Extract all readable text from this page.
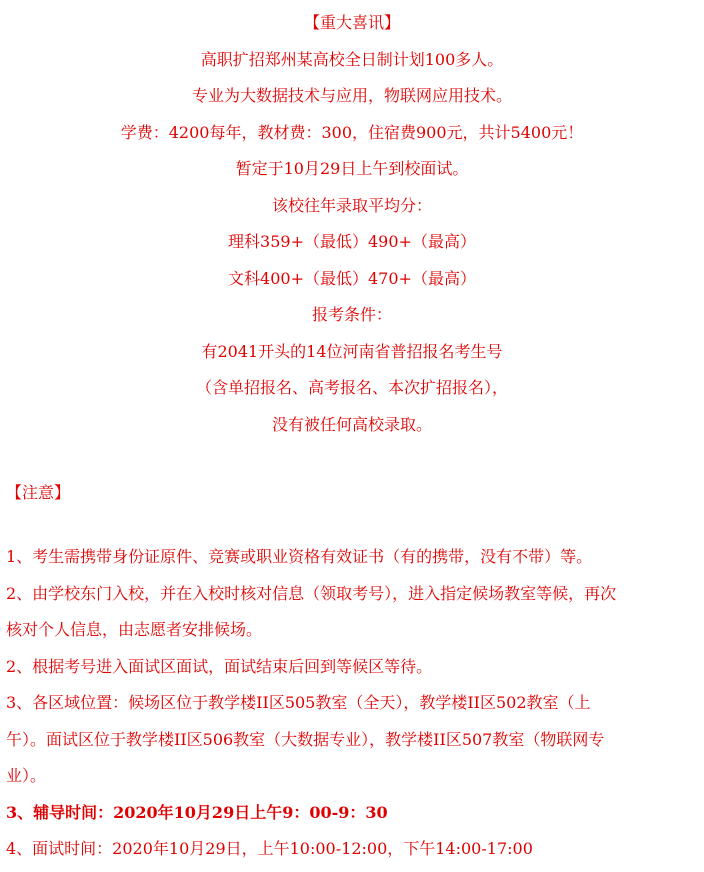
【重大喜讯】
高职扩招郑州某高校全日制计划100多人。
专业为大数据技术与应用，物联网应用技术。
学费：4200每年，教材费：300，住宿费900元，共计5400元！
暂定于10月29日上午到校面试。
该校往年录取平均分：
理科359+（最低）490+（最高）
文科400+（最低）470+（最高）
报考条件：
有2041开头的14位河南省普招报名考生号
（含单招报名、高考报名、本次扩招报名），
没有被任何高校录取。
【注意】
1、考生需携带身份证原件、竞赛或职业资格有效证书（有的携带，没有不带）等。
2、由学校东门入校，并在入校时核对信息（领取考号），进入指定候场教室等候，再次
核对个人信息，由志愿者安排候场。
2、根据考号进入面试区面试，面试结束后回到等候区等待。
3、各区域位置：候场区位于教学楼II区505教室（全天），教学楼II区502教室（上
午）。面试区位于教学楼II区506教室（大数据专业），教学楼II区507教室（物联网专
业）。
3、辅导时间：2020年10月29日上午9：00-9：30
4、面试时间：2020年10月29日，上午10:00-12:00，下午14:00-17:00
